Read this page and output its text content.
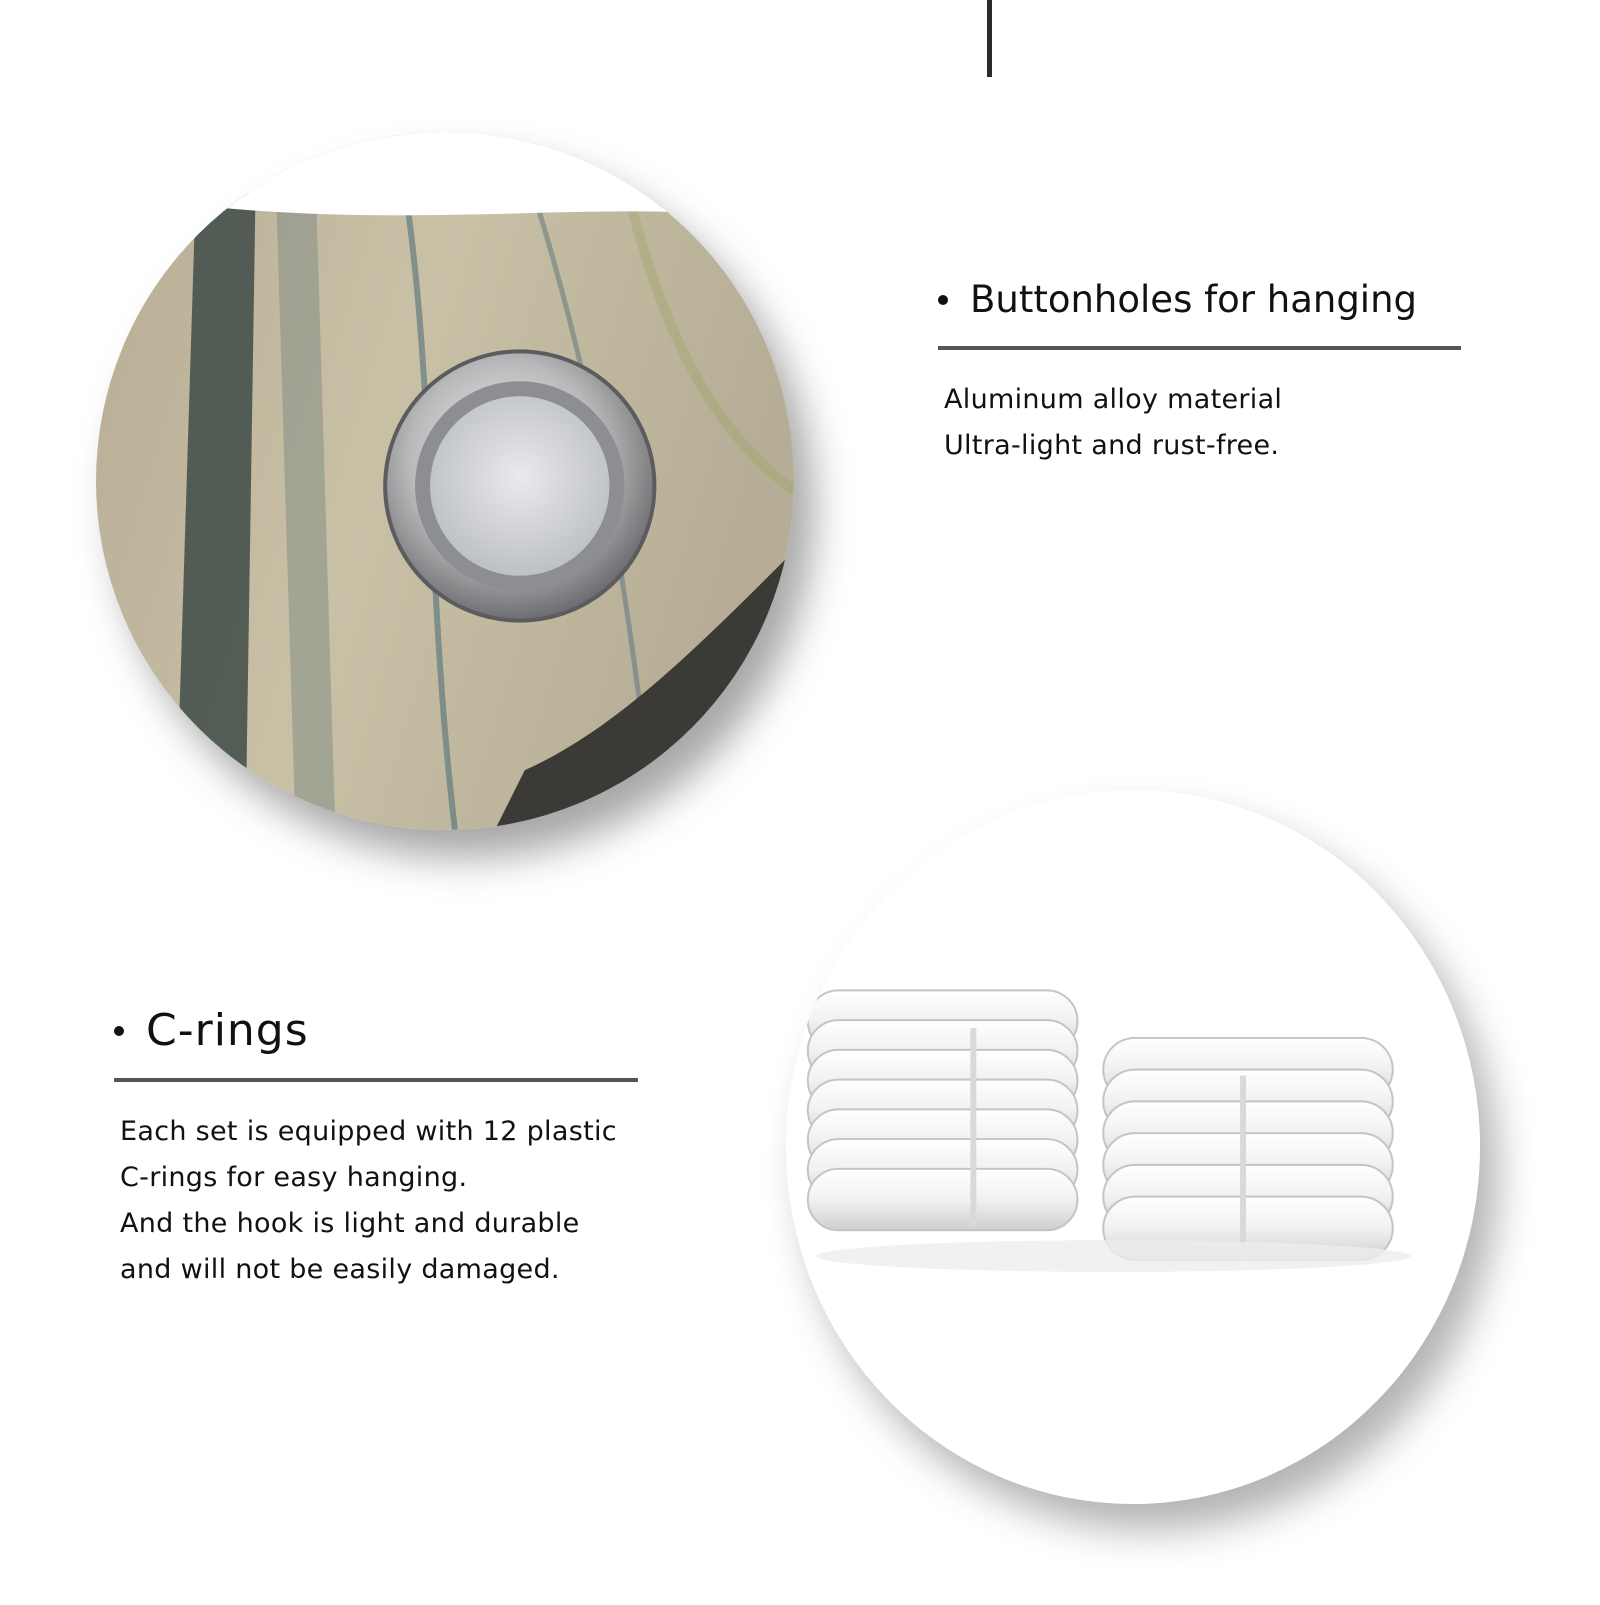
Buttonholes for hanging
Aluminum alloy material
Ultra-light and rust-free.
C-rings
Each set is equipped with 12 plastic
C-rings for easy hanging.
And the hook is light and durable
and will not be easily damaged.
